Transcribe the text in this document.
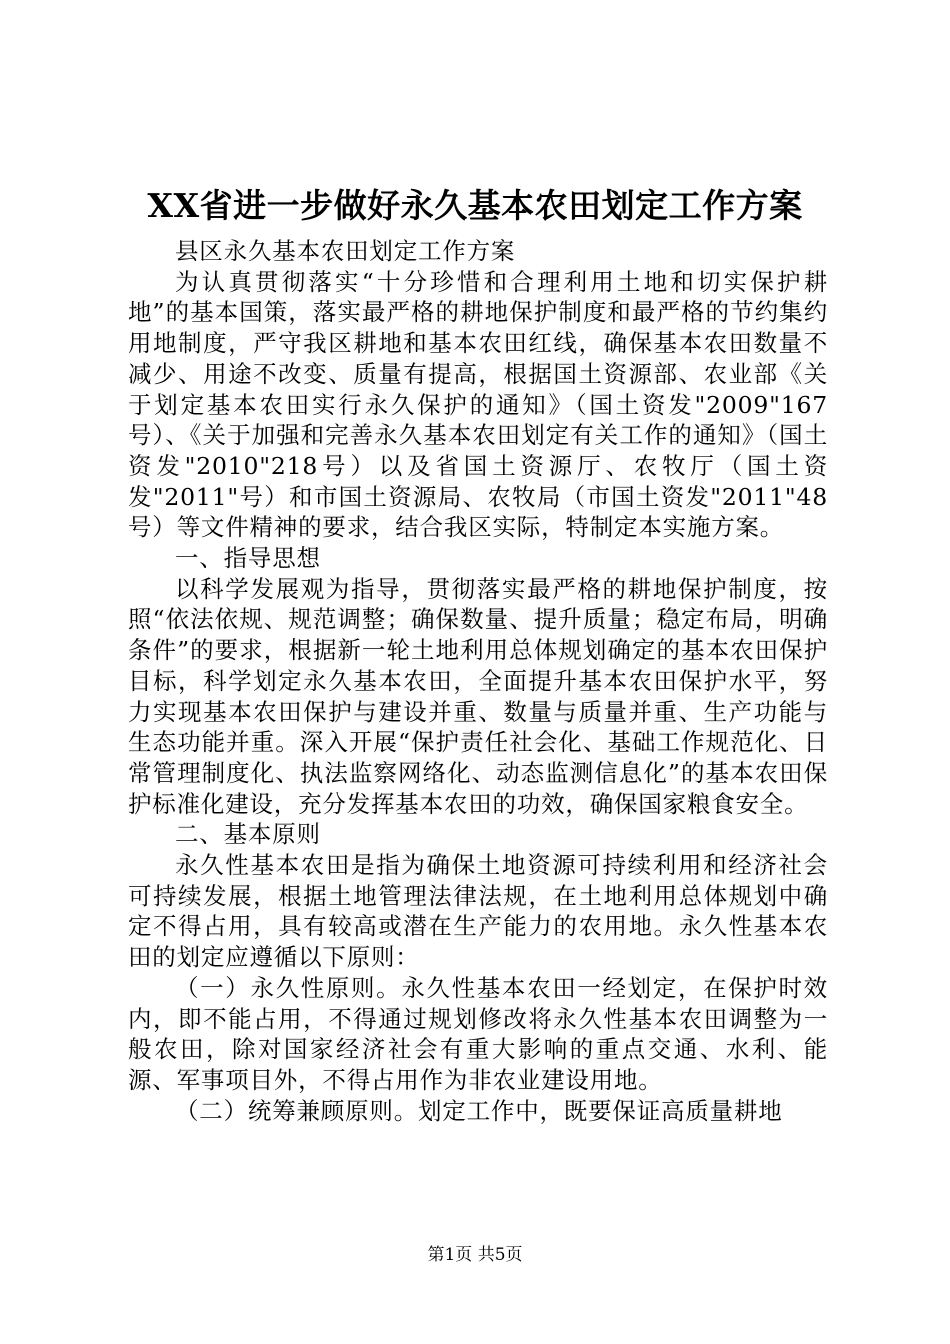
XX省进一步做好永久基本农田划定工作方案

县区永久基本农田划定工作方案

为认真贯彻落实“十分珍惜和合理利用土地和切实保护耕地”的基本国策，落实最严格的耕地保护制度和最严格的节约集约用地制度，严守我区耕地和基本农田红线，确保基本农田数量不减少、用途不改变、质量有提高，根据国土资源部、农业部《关于划定基本农田实行永久保护的通知》（国土资发"2009"167号）、《关于加强和完善永久基本农田划定有关工作的通知》（国土资发"2010"218号）以及省国土资源厅、农牧厅（国土资发"2011"号）和市国土资源局、农牧局（市国土资发"2011"48号）等文件精神的要求，结合我区实际，特制定本实施方案。

一、指导思想

以科学发展观为指导，贯彻落实最严格的耕地保护制度，按照“依法依规、规范调整；确保数量、提升质量；稳定布局，明确条件”的要求，根据新一轮土地利用总体规划确定的基本农田保护目标，科学划定永久基本农田，全面提升基本农田保护水平，努力实现基本农田保护与建设并重、数量与质量并重、生产功能与生态功能并重。深入开展“保护责任社会化、基础工作规范化、日常管理制度化、执法监察网络化、动态监测信息化”的基本农田保护标准化建设，充分发挥基本农田的功效，确保国家粮食安全。

二、基本原则

永久性基本农田是指为确保土地资源可持续利用和经济社会可持续发展，根据土地管理法律法规，在土地利用总体规划中确定不得占用，具有较高或潜在生产能力的农用地。永久性基本农田的划定应遵循以下原则：

（一）永久性原则。永久性基本农田一经划定，在保护时效内，即不能占用，不得通过规划修改将永久性基本农田调整为一般农田，除对国家经济社会有重大影响的重点交通、水利、能源、军事项目外，不得占用作为非农业建设用地。

（二）统筹兼顾原则。划定工作中，既要保证高质量耕地

第1页 共5页
